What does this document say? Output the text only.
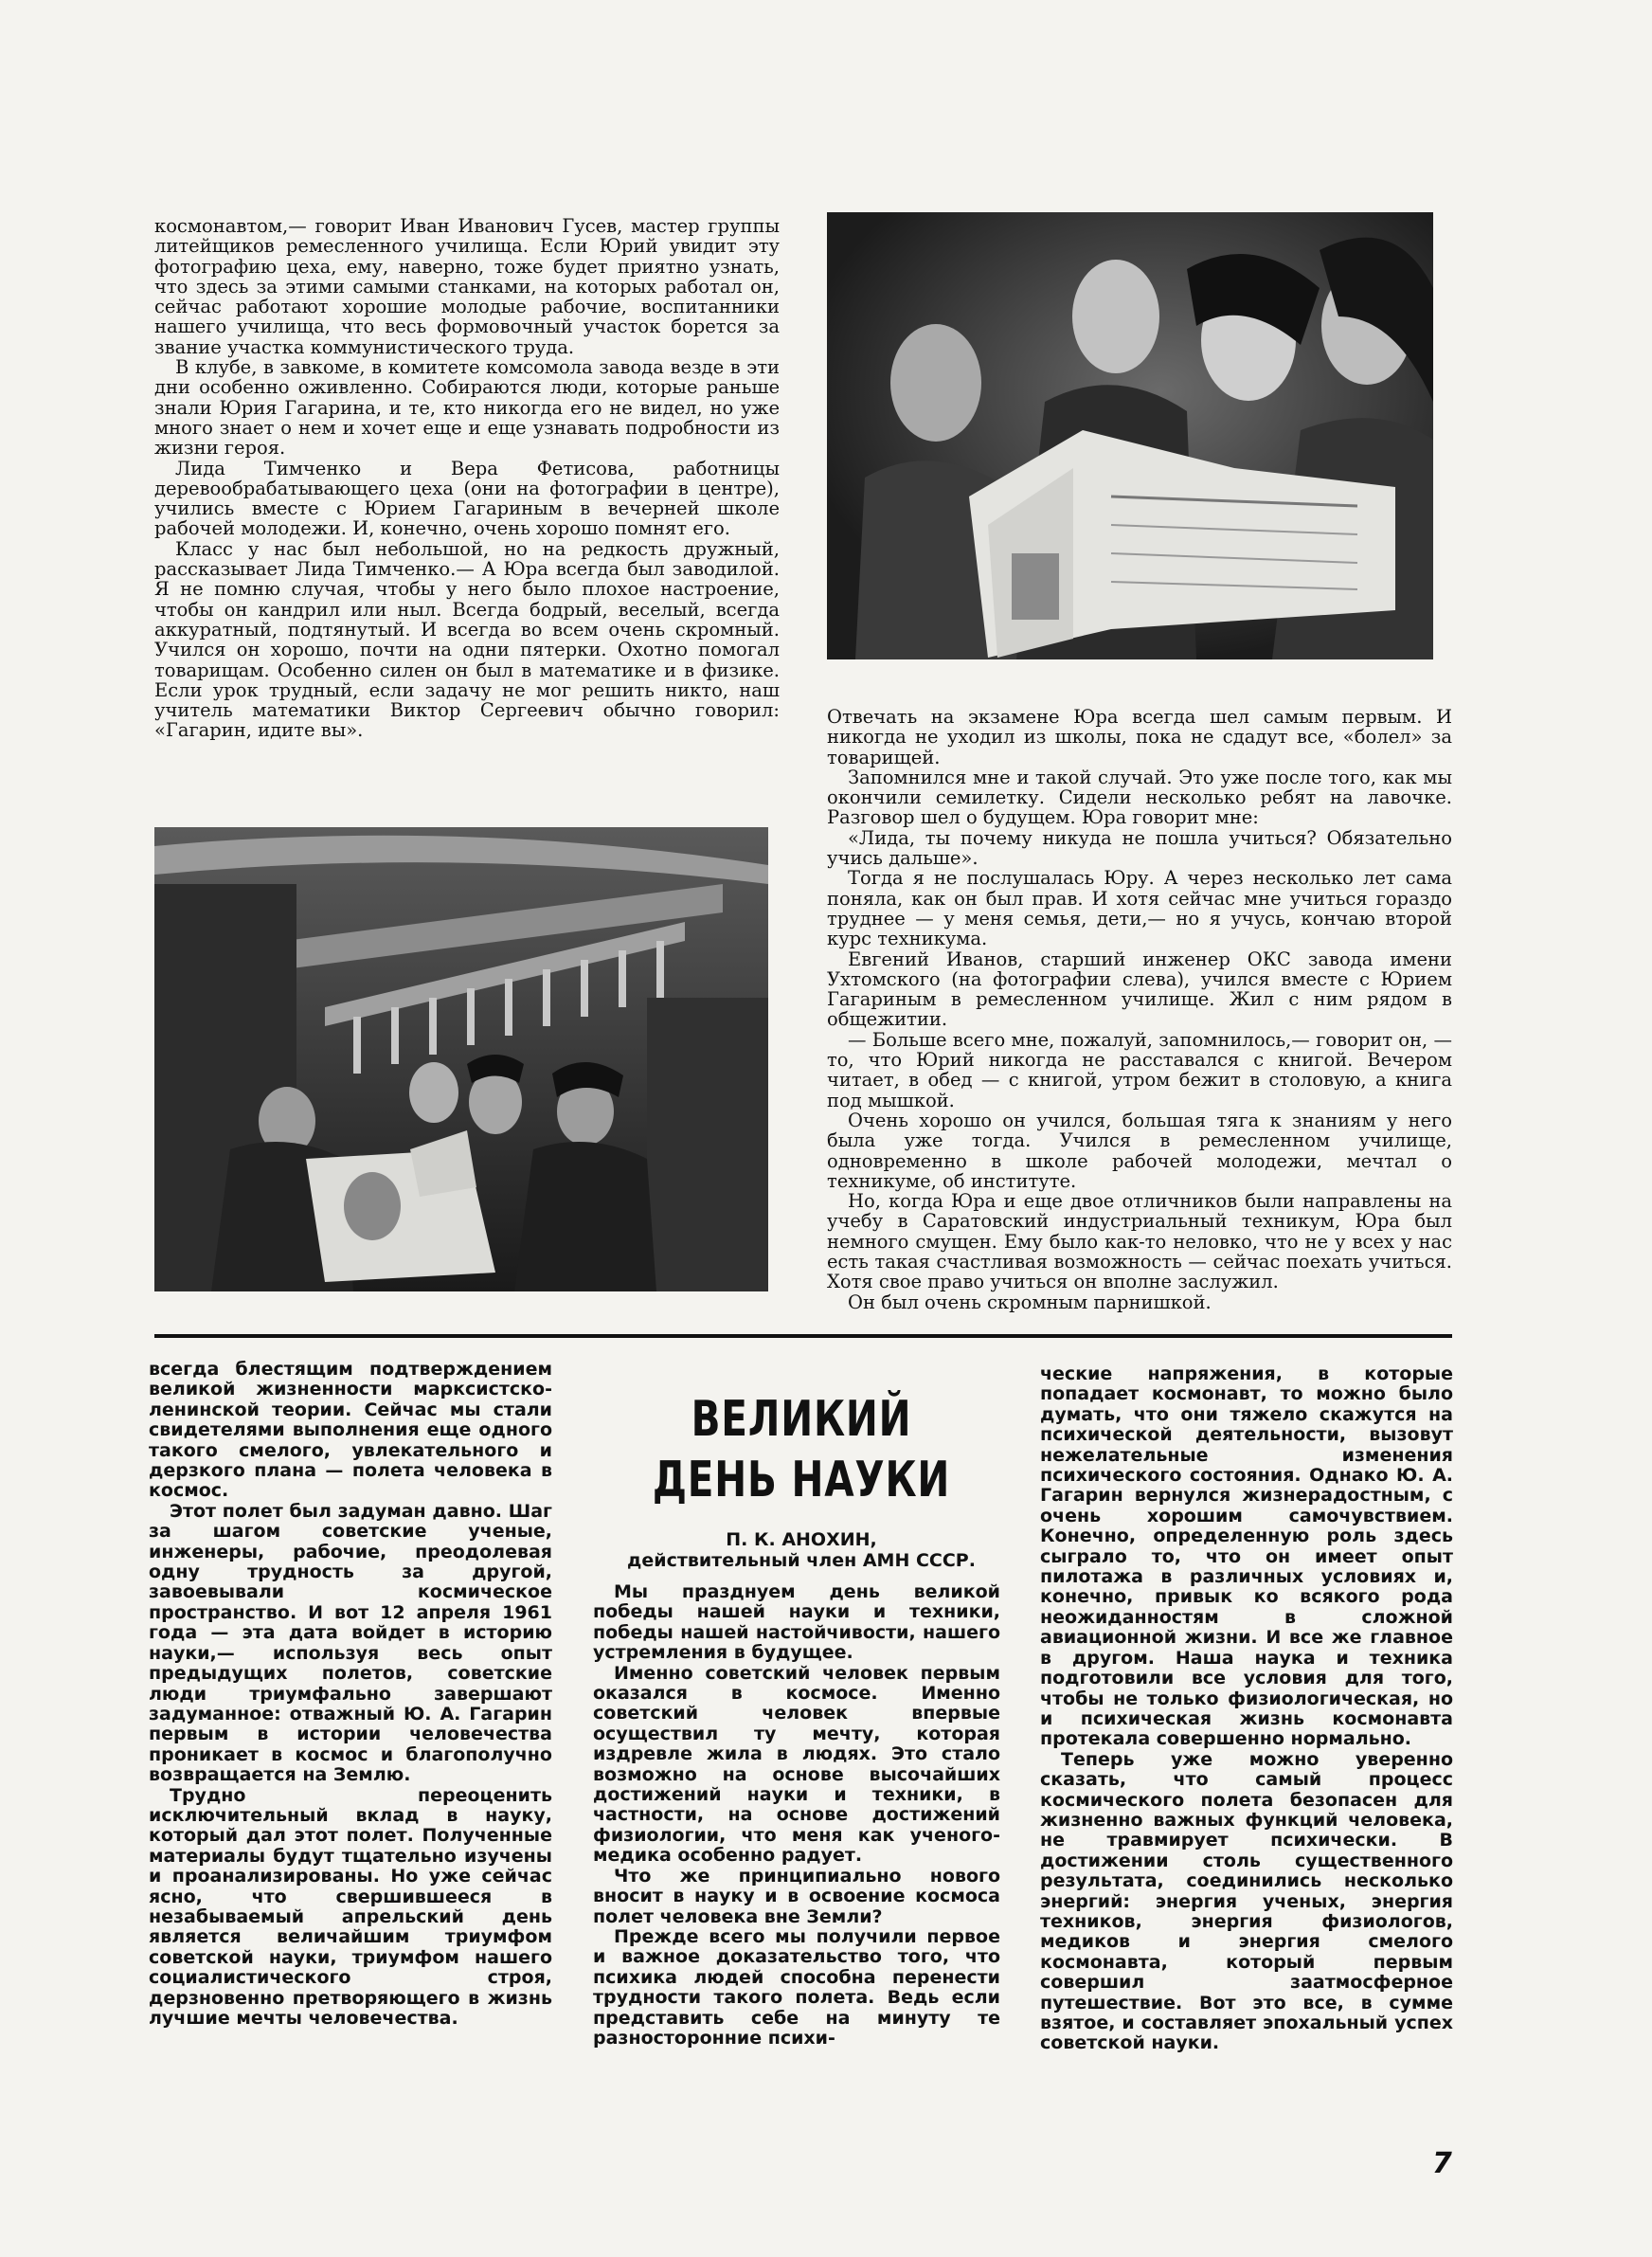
космонавтом,— говорит Иван Иванович Гусев, мастер группы литейщиков ремесленного училища. Если Юрий увидит эту фотографию цеха, ему, наверно, тоже будет приятно узнать, что здесь за этими самыми станками, на которых работал он, сейчас работают хорошие молодые рабочие, воспитанники нашего училища, что весь формовочный участок борется за звание участка коммунистического труда.

В клубе, в завкоме, в комитете комсомола завода везде в эти дни особенно оживленно. Собираются люди, которые раньше знали Юрия Гагарина, и те, кто никогда его не видел, но уже много знает о нем и хочет еще и еще узнавать подробности из жизни героя.

Лида Тимченко и Вера Фетисова, работницы деревообрабатывающего цеха (они на фотографии в центре), учились вместе с Юрием Гагариным в вечерней школе рабочей молодежи. И, конечно, очень хорошо помнят его.

Класс у нас был небольшой, но на редкость дружный, рассказывает Лида Тимченко.— А Юра всегда был заводилой. Я не помню случая, чтобы у него было плохое настроение, чтобы он кандрил или ныл. Всегда бодрый, веселый, всегда аккуратный, подтянутый. И всегда во всем очень скромный. Учился он хорошо, почти на одни пятерки. Охотно помогал товарищам. Особенно силен он был в математике и в физике. Если урок трудный, если задачу не мог решить никто, наш учитель математики Виктор Сергеевич обычно говорил: «Гагарин, идите вы».

Отвечать на экзамене Юра всегда шел самым первым. И никогда не уходил из школы, пока не сдадут все, «болел» за товарищей.

Запомнился мне и такой случай. Это уже после того, как мы окончили семилетку. Сидели несколько ребят на лавочке. Разговор шел о будущем. Юра говорит мне:

«Лида, ты почему никуда не пошла учиться? Обязательно учись дальше».

Тогда я не послушалась Юру. А через несколько лет сама поняла, как он был прав. И хотя сейчас мне учиться гораздо труднее — у меня семья, дети,— но я учусь, кончаю второй курс техникума.

Евгений Иванов, старший инженер ОКС завода имени Ухтомского (на фотографии слева), учился вместе с Юрием Гагариным в ремесленном училище. Жил с ним рядом в общежитии.

— Больше всего мне, пожалуй, запомнилось,— говорит он, — то, что Юрий никогда не расставался с книгой. Вечером читает, в обед — с книгой, утром бежит в столовую, а книга под мышкой.

Очень хорошо он учился, большая тяга к знаниям у него была уже тогда. Учился в ремесленном училище, одновременно в школе рабочей молодежи, мечтал о техникуме, об институте.

Но, когда Юра и еще двое отличников были направлены на учебу в Саратовский индустриальный техникум, Юра был немного смущен. Ему было как-то неловко, что не у всех у нас есть такая счастливая возможность — сейчас поехать учиться. Хотя свое право учиться он вполне заслужил.

Он был очень скромным парнишкой.

всегда блестящим подтверждением великой жизненности марксистско-ленинской теории. Сейчас мы стали свидетелями выполнения еще одного такого смелого, увлекательного и дерзкого плана — полета человека в космос.

Этот полет был задуман давно. Шаг за шагом советские ученые, инженеры, рабочие, преодолевая одну трудность за другой, завоевывали космическое пространство. И вот 12 апреля 1961 года — эта дата войдет в историю науки,— используя весь опыт предыдущих полетов, советские люди триумфально завершают задуманное: отважный Ю. А. Гагарин первым в истории человечества проникает в космос и благополучно возвращается на Землю.

Трудно переоценить исключительный вклад в науку, который дал этот полет. Полученные материалы будут тщательно изучены и проанализированы. Но уже сейчас ясно, что свершившееся в незабываемый апрельский день является величайшим триумфом советской науки, триумфом нашего социалистического строя, дерзновенно претворяющего в жизнь лучшие мечты человечества.

ВЕЛИКИЙ ДЕНЬ НАУКИ
П. К. АНОХИН,
действительный член АМН СССР.

Мы празднуем день великой победы нашей науки и техники, победы нашей настойчивости, нашего устремления в будущее.

Именно советский человек первым оказался в космосе. Именно советский человек впервые осуществил ту мечту, которая издревле жила в людях. Это стало возможно на основе высочайших достижений науки и техники, в частности, на основе достижений физиологии, что меня как ученого-медика особенно радует.

Что же принципиально нового вносит в науку и в освоение космоса полет человека вне Земли?

Прежде всего мы получили первое и важное доказательство того, что психика людей способна перенести трудности такого полета. Ведь если представить себе на минуту те разносторонние психи-

ческие напряжения, в которые попадает космонавт, то можно было думать, что они тяжело скажутся на психической деятельности, вызовут нежелательные изменения психического состояния. Однако Ю. А. Гагарин вернулся жизнерадостным, с очень хорошим самочувствием. Конечно, определенную роль здесь сыграло то, что он имеет опыт пилотажа в различных условиях и, конечно, привык ко всякого рода неожиданностям в сложной авиационной жизни. И все же главное в другом. Наша наука и техника подготовили все условия для того, чтобы не только физиологическая, но и психическая жизнь космонавта протекала совершенно нормально.

Теперь уже можно уверенно сказать, что самый процесс космического полета безопасен для жизненно важных функций человека, не травмирует психически. В достижении столь существенного результата, соединились несколько энергий: энергия ученых, энергия техников, энергия физиологов, медиков и энергия смелого космонавта, который первым совершил заатмосферное путешествие. Вот это все, в сумме взятое, и составляет эпохальный успех советской науки.

7
